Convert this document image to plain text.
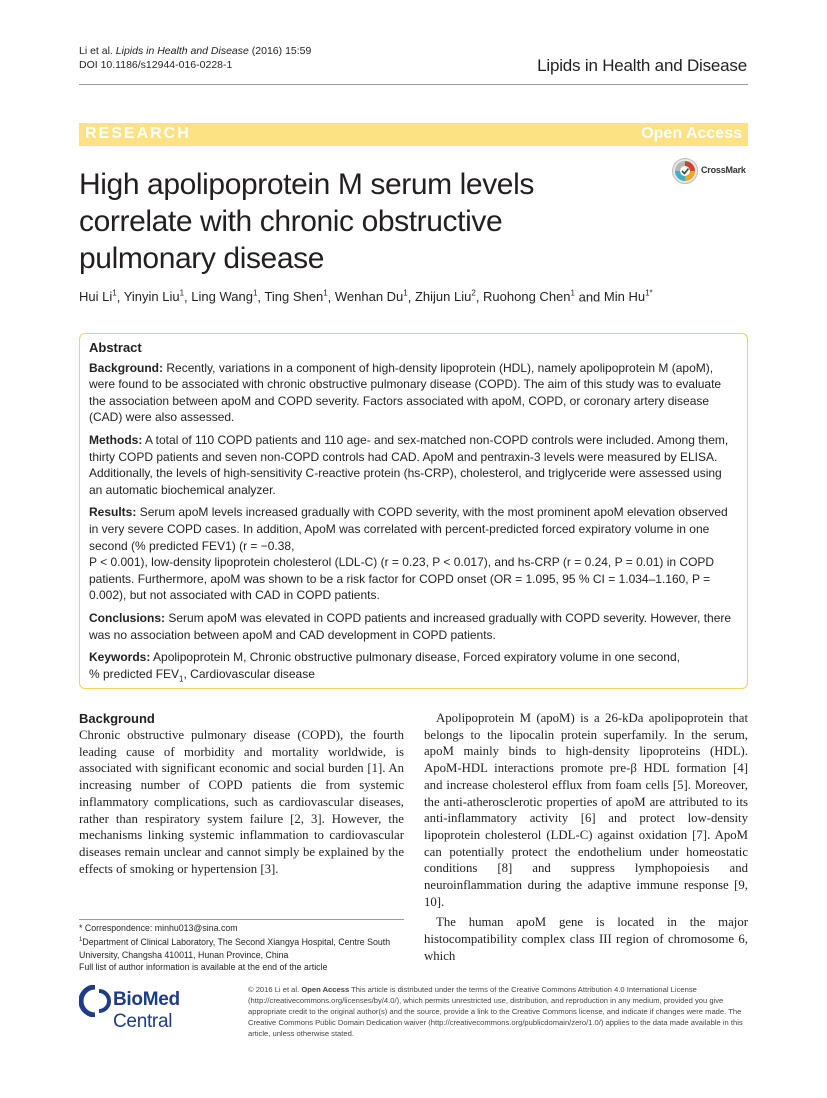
Li et al. Lipids in Health and Disease (2016) 15:59
DOI 10.1186/s12944-016-0228-1	Lipids in Health and Disease
RESEARCH	Open Access
High apolipoprotein M serum levels correlate with chronic obstructive pulmonary disease
CrossMark
Hui Li$^1$, Yinyin Liu$^1$, Ling Wang$^1$, Ting Shen$^1$, Wenhan Du$^1$, Zhijun Liu$^2$, Ruohong Chen$^1$ and Min $Hu^{1*}$
Abstract

Background: Recently, variations in a component of high-density lipoprotein (HDL), namely apolipoprotein M (apoM), were found to be associated with chronic obstructive pulmonary disease (COPD). The aim of this study was to evaluate the association between apoM and COPD severity. Factors associated with apoM, COPD, or coronary artery disease (CAD) were also assessed.

Methods: A total of 110 COPD patients and 110 age- and sex-matched non-COPD controls were included. Among them, thirty COPD patients and seven non-COPD controls had CAD. ApoM and pentraxin-3 levels were measured by ELISA. Additionally, the levels of high-sensitivity C-reactive protein (hs-CRP), cholesterol, and triglyceride were assessed using an automatic biochemical analyzer.

Results: Serum apoM levels increased gradually with COPD severity, with the most prominent apoM elevation observed in very severe COPD cases. In addition, ApoM was correlated with percent-predicted forced expiratory volume in one second (% predicted FEV1) (r = −0.38,
P < 0.001), low-density lipoprotein cholesterol (LDL-C) (r = 0.23, P < 0.017), and hs-CRP (r = 0.24, P = 0.01) in COPD patients. Furthermore, apoM was shown to be a risk factor for COPD onset (OR = 1.095, 95 % CI = 1.034–1.160, P = 0.002), but not associated with CAD in COPD patients.

Conclusions: Serum apoM was elevated in COPD patients and increased gradually with COPD severity. However, there was no association between apoM and CAD development in COPD patients.

Keywords: Apolipoprotein M, Chronic obstructive pulmonary disease, Forced expiratory volume in one second,
% predicted $FEV_1$, Cardiovascular disease

Background

Chronic obstructive pulmonary disease (COPD), the fourth leading cause of morbidity and mortality worldwide, is associated with significant economic and social burden [1]. An increasing number of COPD patients die from systemic inflammatory complications, such as cardiovascular diseases, rather than respiratory system failure [2, 3]. However, the mechanisms linking systemic inflammation to cardiovascular diseases remain unclear and cannot simply be explained by the effects of smoking or hypertension [3].

Apolipoprotein M (apoM) is a 26-kDa apolipoprotein that belongs to the lipocalin protein superfamily. In the serum, apoM mainly binds to high-density lipoproteins (HDL). ApoM-HDL interactions promote pre-β HDL formation [4] and increase cholesterol efflux from foam cells [5]. Moreover, the anti-atherosclerotic properties of apoM are attributed to its anti-inflammatory activity [6] and protect low-density lipoprotein cholesterol (LDL-C) against oxidation [7]. ApoM can potentially protect the endothelium under homeostatic conditions [8] and suppress lymphopoiesis and neuroinflammation during the adaptive immune response [9, 10].

The human apoM gene is located in the major histocompatibility complex class III region of chromosome 6, which

* Correspondence: minhu013@sina.com

$^1$Department of Clinical Laboratory, The Second Xiangya Hospital, Centre South University, Changsha 410011, Hunan Province, China

Full list of author information is available at the end of the article

BioMed Central
© 2016 Li et al. Open Access This article is distributed under the terms of the Creative Commons Attribution 4.0 International License (http://creativecommons.org/licenses/by/4.0/), which permits unrestricted use, distribution, and reproduction in any medium, provided you give appropriate credit to the original author(s) and the source, provide a link to the Creative Commons license, and indicate if changes were made. The Creative Commons Public Domain Dedication waiver (http://creativecommons.org/publicdomain/zero/1.0/) applies to the data made available in this article, unless otherwise stated.
